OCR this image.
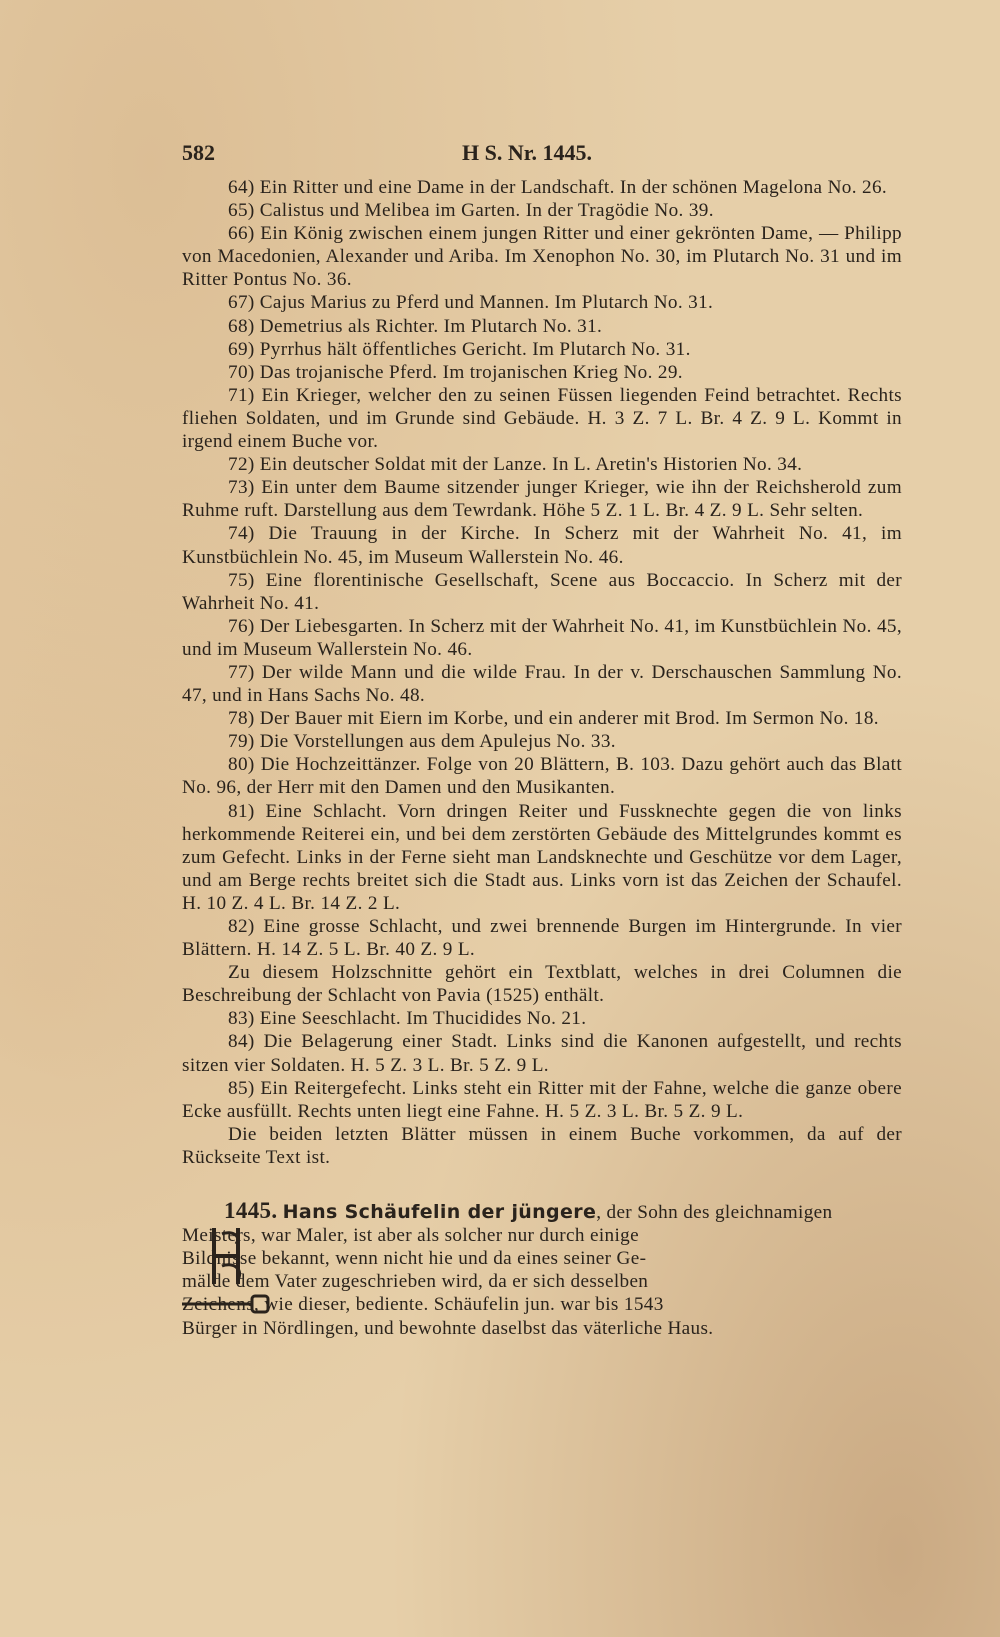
582	H S. Nr. 1445.

64) Ein Ritter und eine Dame in der Landschaft. In der schönen Magelona No. 26.

65) Calistus und Melibea im Garten. In der Tragödie No. 39.

66) Ein König zwischen einem jungen Ritter und einer gekrönten Dame, — Philipp von Macedonien, Alexander und Ariba. Im Xenophon No. 30, im Plutarch No. 31 und im Ritter Pontus No. 36.

67) Cajus Marius zu Pferd und Mannen. Im Plutarch No. 31.

68) Demetrius als Richter. Im Plutarch No. 31.

69) Pyrrhus hält öffentliches Gericht. Im Plutarch No. 31.

70) Das trojanische Pferd. Im trojanischen Krieg No. 29.

71) Ein Krieger, welcher den zu seinen Füssen liegenden Feind betrachtet. Rechts fliehen Soldaten, und im Grunde sind Gebäude. H. 3 Z. 7 L. Br. 4 Z. 9 L. Kommt in irgend einem Buche vor.

72) Ein deutscher Soldat mit der Lanze. In L. Aretin's Historien No. 34.

73) Ein unter dem Baume sitzender junger Krieger, wie ihn der Reichsherold zum Ruhme ruft. Darstellung aus dem Tewrdank. Höhe 5 Z. 1 L. Br. 4 Z. 9 L. Sehr selten.

74) Die Trauung in der Kirche. In Scherz mit der Wahrheit No. 41, im Kunstbüchlein No. 45, im Museum Wallerstein No. 46.

75) Eine florentinische Gesellschaft, Scene aus Boccaccio. In Scherz mit der Wahrheit No. 41.

76) Der Liebesgarten. In Scherz mit der Wahrheit No. 41, im Kunstbüchlein No. 45, und im Museum Wallerstein No. 46.

77) Der wilde Mann und die wilde Frau. In der v. Derschauschen Sammlung No. 47, und in Hans Sachs No. 48.

78) Der Bauer mit Eiern im Korbe, und ein anderer mit Brod. Im Sermon No. 18.

79) Die Vorstellungen aus dem Apulejus No. 33.

80) Die Hochzeittänzer. Folge von 20 Blättern, B. 103. Dazu gehört auch das Blatt No. 96, der Herr mit den Damen und den Musikanten.

81) Eine Schlacht. Vorn dringen Reiter und Fussknechte gegen die von links herkommende Reiterei ein, und bei dem zerstörten Gebäude des Mittelgrundes kommt es zum Gefecht. Links in der Ferne sieht man Landsknechte und Geschütze vor dem Lager, und am Berge rechts breitet sich die Stadt aus. Links vorn ist das Zeichen der Schaufel. H. 10 Z. 4 L. Br. 14 Z. 2 L.

82) Eine grosse Schlacht, und zwei brennende Burgen im Hintergrunde. In vier Blättern. H. 14 Z. 5 L. Br. 40 Z. 9 L.

Zu diesem Holzschnitte gehört ein Textblatt, welches in drei Columnen die Beschreibung der Schlacht von Pavia (1525) enthält.

83) Eine Seeschlacht. Im Thucidides No. 21.

84) Die Belagerung einer Stadt. Links sind die Kanonen aufgestellt, und rechts sitzen vier Soldaten. H. 5 Z. 3 L. Br. 5 Z. 9 L.

85) Ein Reitergefecht. Links steht ein Ritter mit der Fahne, welche die ganze obere Ecke ausfüllt. Rechts unten liegt eine Fahne. H. 5 Z. 3 L. Br. 5 Z. 9 L.

Die beiden letzten Blätter müssen in einem Buche vorkommen, da auf der Rückseite Text ist.

1445. Hans Schäufelin der jüngere, der Sohn des gleichnamigen

Meisters, war Maler, ist aber als solcher nur durch einige

Bildnisse bekannt, wenn nicht hie und da eines seiner Ge-

mälde dem Vater zugeschrieben wird, da er sich desselben

Zeichens, wie dieser, bediente. Schäufelin jun. war bis 1543

Bürger in Nördlingen, und bewohnte daselbst das väterliche Haus.
